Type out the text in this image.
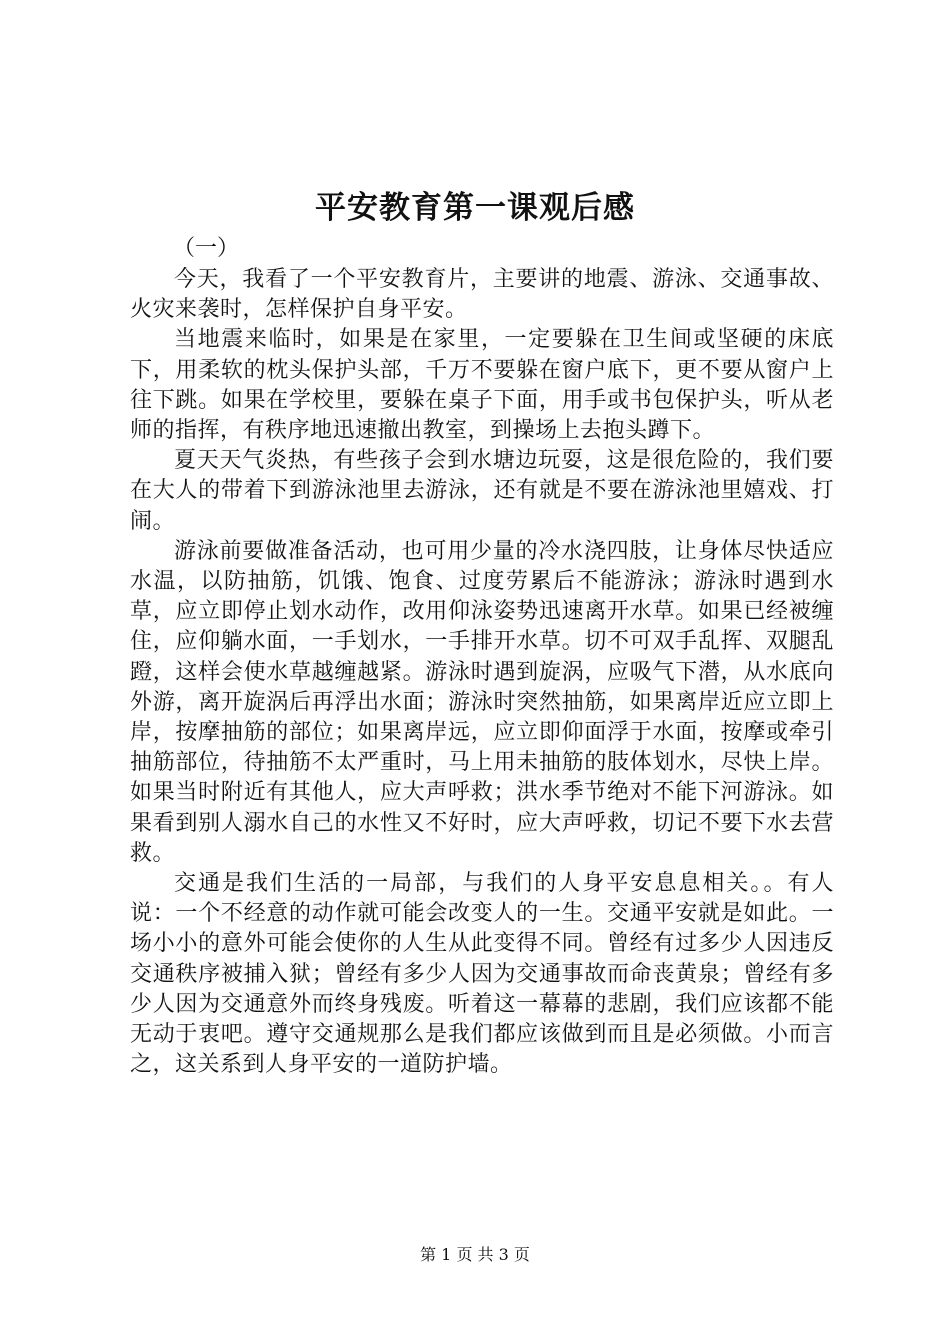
平安教育第一课观后感

（一）

今天，我看了一个平安教育片，主要讲的地震、游泳、交通事故、火灾来袭时，怎样保护自身平安。

当地震来临时，如果是在家里，一定要躲在卫生间或坚硬的床底下，用柔软的枕头保护头部，千万不要躲在窗户底下，更不要从窗户上往下跳。如果在学校里，要躲在桌子下面，用手或书包保护头，听从老师的指挥，有秩序地迅速撤出教室，到操场上去抱头蹲下。

夏天天气炎热，有些孩子会到水塘边玩耍，这是很危险的，我们要在大人的带着下到游泳池里去游泳，还有就是不要在游泳池里嬉戏、打闹。

游泳前要做准备活动，也可用少量的冷水浇四肢，让身体尽快适应水温，以防抽筋，饥饿、饱食、过度劳累后不能游泳；游泳时遇到水草，应立即停止划水动作，改用仰泳姿势迅速离开水草。如果已经被缠住，应仰躺水面，一手划水，一手排开水草。切不可双手乱挥、双腿乱蹬，这样会使水草越缠越紧。游泳时遇到旋涡，应吸气下潜，从水底向外游，离开旋涡后再浮出水面；游泳时突然抽筋，如果离岸近应立即上岸，按摩抽筋的部位；如果离岸远，应立即仰面浮于水面，按摩或牵引抽筋部位，待抽筋不太严重时，马上用未抽筋的肢体划水，尽快上岸。如果当时附近有其他人，应大声呼救；洪水季节绝对不能下河游泳。如果看到别人溺水自己的水性又不好时，应大声呼救，切记不要下水去营救。

交通是我们生活的一局部，与我们的人身平安息息相关。。有人说：一个不经意的动作就可能会改变人的一生。交通平安就是如此。一场小小的意外可能会使你的人生从此变得不同。曾经有过多少人因违反交通秩序被捕入狱；曾经有多少人因为交通事故而命丧黄泉；曾经有多少人因为交通意外而终身残废。听着这一幕幕的悲剧，我们应该都不能无动于衷吧。遵守交通规那么是我们都应该做到而且是必须做。小而言之，这关系到人身平安的一道防护墙。

第 1 页 共 3 页
